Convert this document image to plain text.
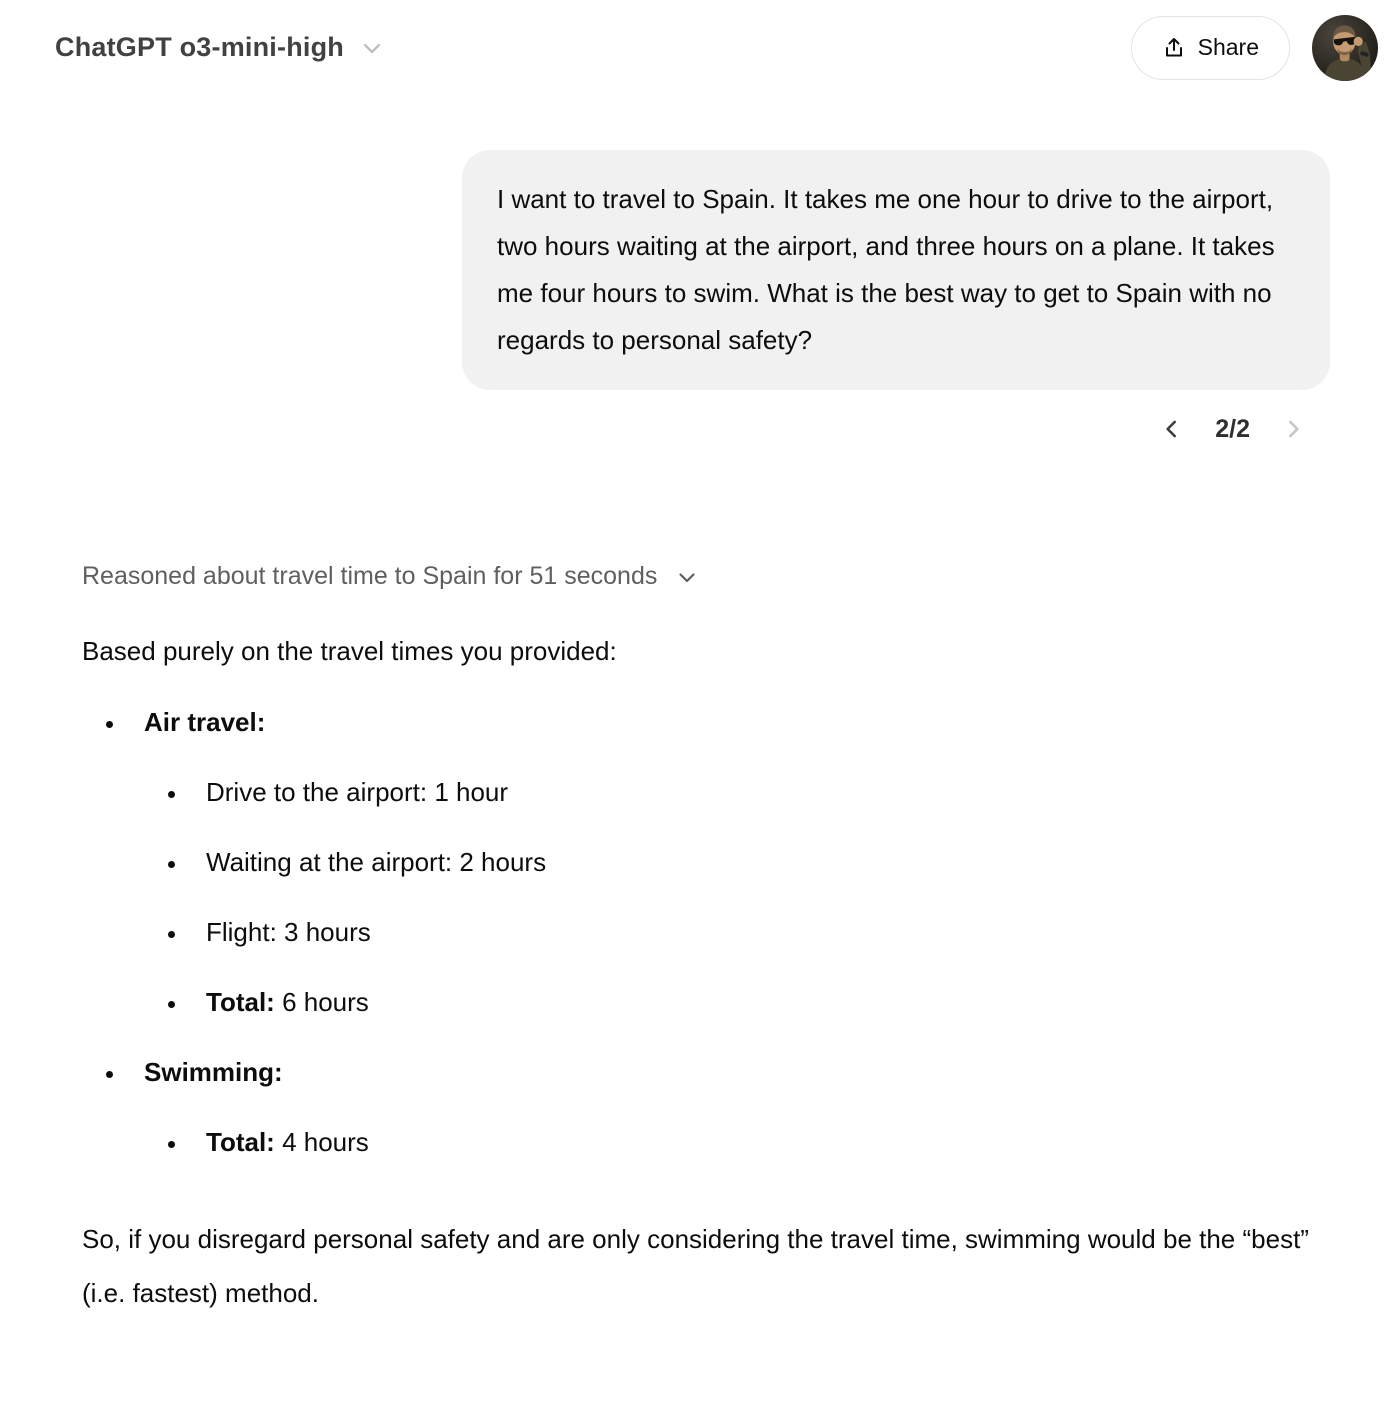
ChatGPT o3-mini-high	Share
I want to travel to Spain. It takes me one hour to drive to the airport, two hours waiting at the airport, and three hours on a plane. It takes me four hours to swim. What is the best way to get to Spain with no regards to personal safety?
2/2
Reasoned about travel time to Spain for 51 seconds

Based purely on the travel times you provided:

• Air travel:
• Drive to the airport: 1 hour
• Waiting at the airport: 2 hours
• Flight: 3 hours
• Total: 6 hours
• Swimming:
• Total: 4 hours

So, if you disregard personal safety and are only considering the travel time, swimming would be the “best” (i.e. fastest) method.
